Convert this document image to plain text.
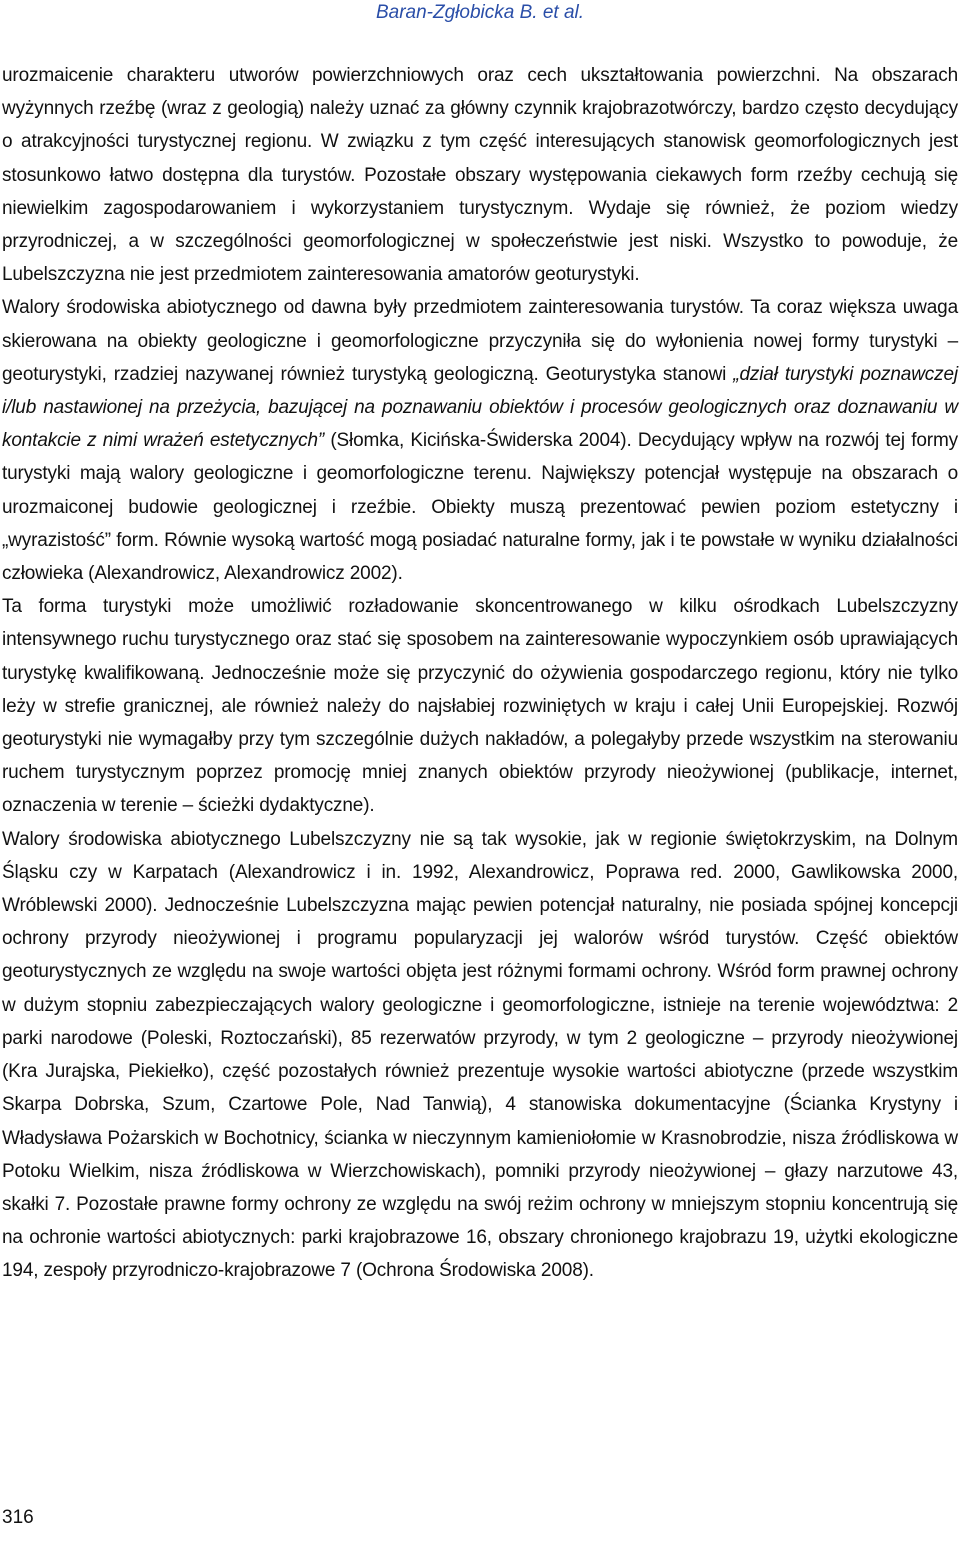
Baran-Zgłobicka B. et al.

urozmaicenie charakteru utworów powierzchniowych oraz cech ukształtowania powierzchni. Na obszarach wyżynnych rzeźbę (wraz z geologią) należy uznać za główny czynnik krajobrazotwórczy, bardzo często decydujący o atrakcyjności turystycznej regionu. W związku z tym część interesujących stanowisk geomorfologicznych jest stosunkowo łatwo dostępna dla turystów. Pozostałe obszary występowania ciekawych form rzeźby cechują się niewielkim zagospodarowaniem i wykorzystaniem turystycznym. Wydaje się również, że poziom wiedzy przyrodniczej, a w szczególności geomorfologicznej w społeczeństwie jest niski. Wszystko to powoduje, że Lubelszczyzna nie jest przedmiotem zainteresowania amatorów geoturystyki.

Walory środowiska abiotycznego od dawna były przedmiotem zainteresowania turystów. Ta coraz większa uwaga skierowana na obiekty geologiczne i geomorfologiczne przyczyniła się do wyłonienia nowej formy turystyki – geoturystyki, rzadziej nazywanej również turystyką geologiczną. Geoturystyka stanowi „dział turystyki poznawczej i/lub nastawionej na przeżycia, bazującej na poznawaniu obiektów i procesów geologicznych oraz doznawaniu w kontakcie z nimi wrażeń estetycznych” (Słomka, Kicińska-Świderska 2004). Decydujący wpływ na rozwój tej formy turystyki mają walory geologiczne i geomorfologiczne terenu. Największy potencjał występuje na obszarach o urozmaiconej budowie geologicznej i rzeźbie. Obiekty muszą prezentować pewien poziom estetyczny i „wyrazistość” form. Równie wysoką wartość mogą posiadać naturalne formy, jak i te powstałe w wyniku działalności człowieka (Alexandrowicz, Alexandrowicz 2002).

Ta forma turystyki może umożliwić rozładowanie skoncentrowanego w kilku ośrodkach Lubelszczyzny intensywnego ruchu turystycznego oraz stać się sposobem na zainteresowanie wypoczynkiem osób uprawiających turystykę kwalifikowaną. Jednocześnie może się przyczynić do ożywienia gospodarczego regionu, który nie tylko leży w strefie granicznej, ale również należy do najsłabiej rozwiniętych w kraju i całej Unii Europejskiej. Rozwój geoturystyki nie wymagałby przy tym szczególnie dużych nakładów, a polegałyby przede wszystkim na sterowaniu ruchem turystycznym poprzez promocję mniej znanych obiektów przyrody nieożywionej (publikacje, internet, oznaczenia w terenie – ścieżki dydaktyczne).

Walory środowiska abiotycznego Lubelszczyzny nie są tak wysokie, jak w regionie świętokrzyskim, na Dolnym Śląsku czy w Karpatach (Alexandrowicz i in. 1992, Alexandrowicz, Poprawa red. 2000, Gawlikowska 2000, Wróblewski 2000). Jednocześnie Lubelszczyzna mając pewien potencjał naturalny, nie posiada spójnej koncepcji ochrony przyrody nieożywionej i programu popularyzacji jej walorów wśród turystów. Część obiektów geoturystycznych ze względu na swoje wartości objęta jest różnymi formami ochrony. Wśród form prawnej ochrony w dużym stopniu zabezpieczających walory geologiczne i geomorfologiczne, istnieje na terenie województwa: 2 parki narodowe (Poleski, Roztoczański), 85 rezerwatów przyrody, w tym 2 geologiczne – przyrody nieożywionej (Kra Jurajska, Piekiełko), część pozostałych również prezentuje wysokie wartości abiotyczne (przede wszystkim Skarpa Dobrska, Szum, Czartowe Pole, Nad Tanwią), 4 stanowiska dokumentacyjne (Ścianka Krystyny i Władysława Pożarskich w Bochotnicy, ścianka w nieczynnym kamieniołomie w Krasnobrodzie, nisza źródliskowa w Potoku Wielkim, nisza źródliskowa w Wierzchowiskach), pomniki przyrody nieożywionej – głazy narzutowe 43, skałki 7. Pozostałe prawne formy ochrony ze względu na swój reżim ochrony w mniejszym stopniu koncentrują się na ochronie wartości abiotycznych: parki krajobrazowe 16, obszary chronionego krajobrazu 19, użytki ekologiczne 194, zespoły przyrodniczo-krajobrazowe 7 (Ochrona Środowiska 2008).

316
